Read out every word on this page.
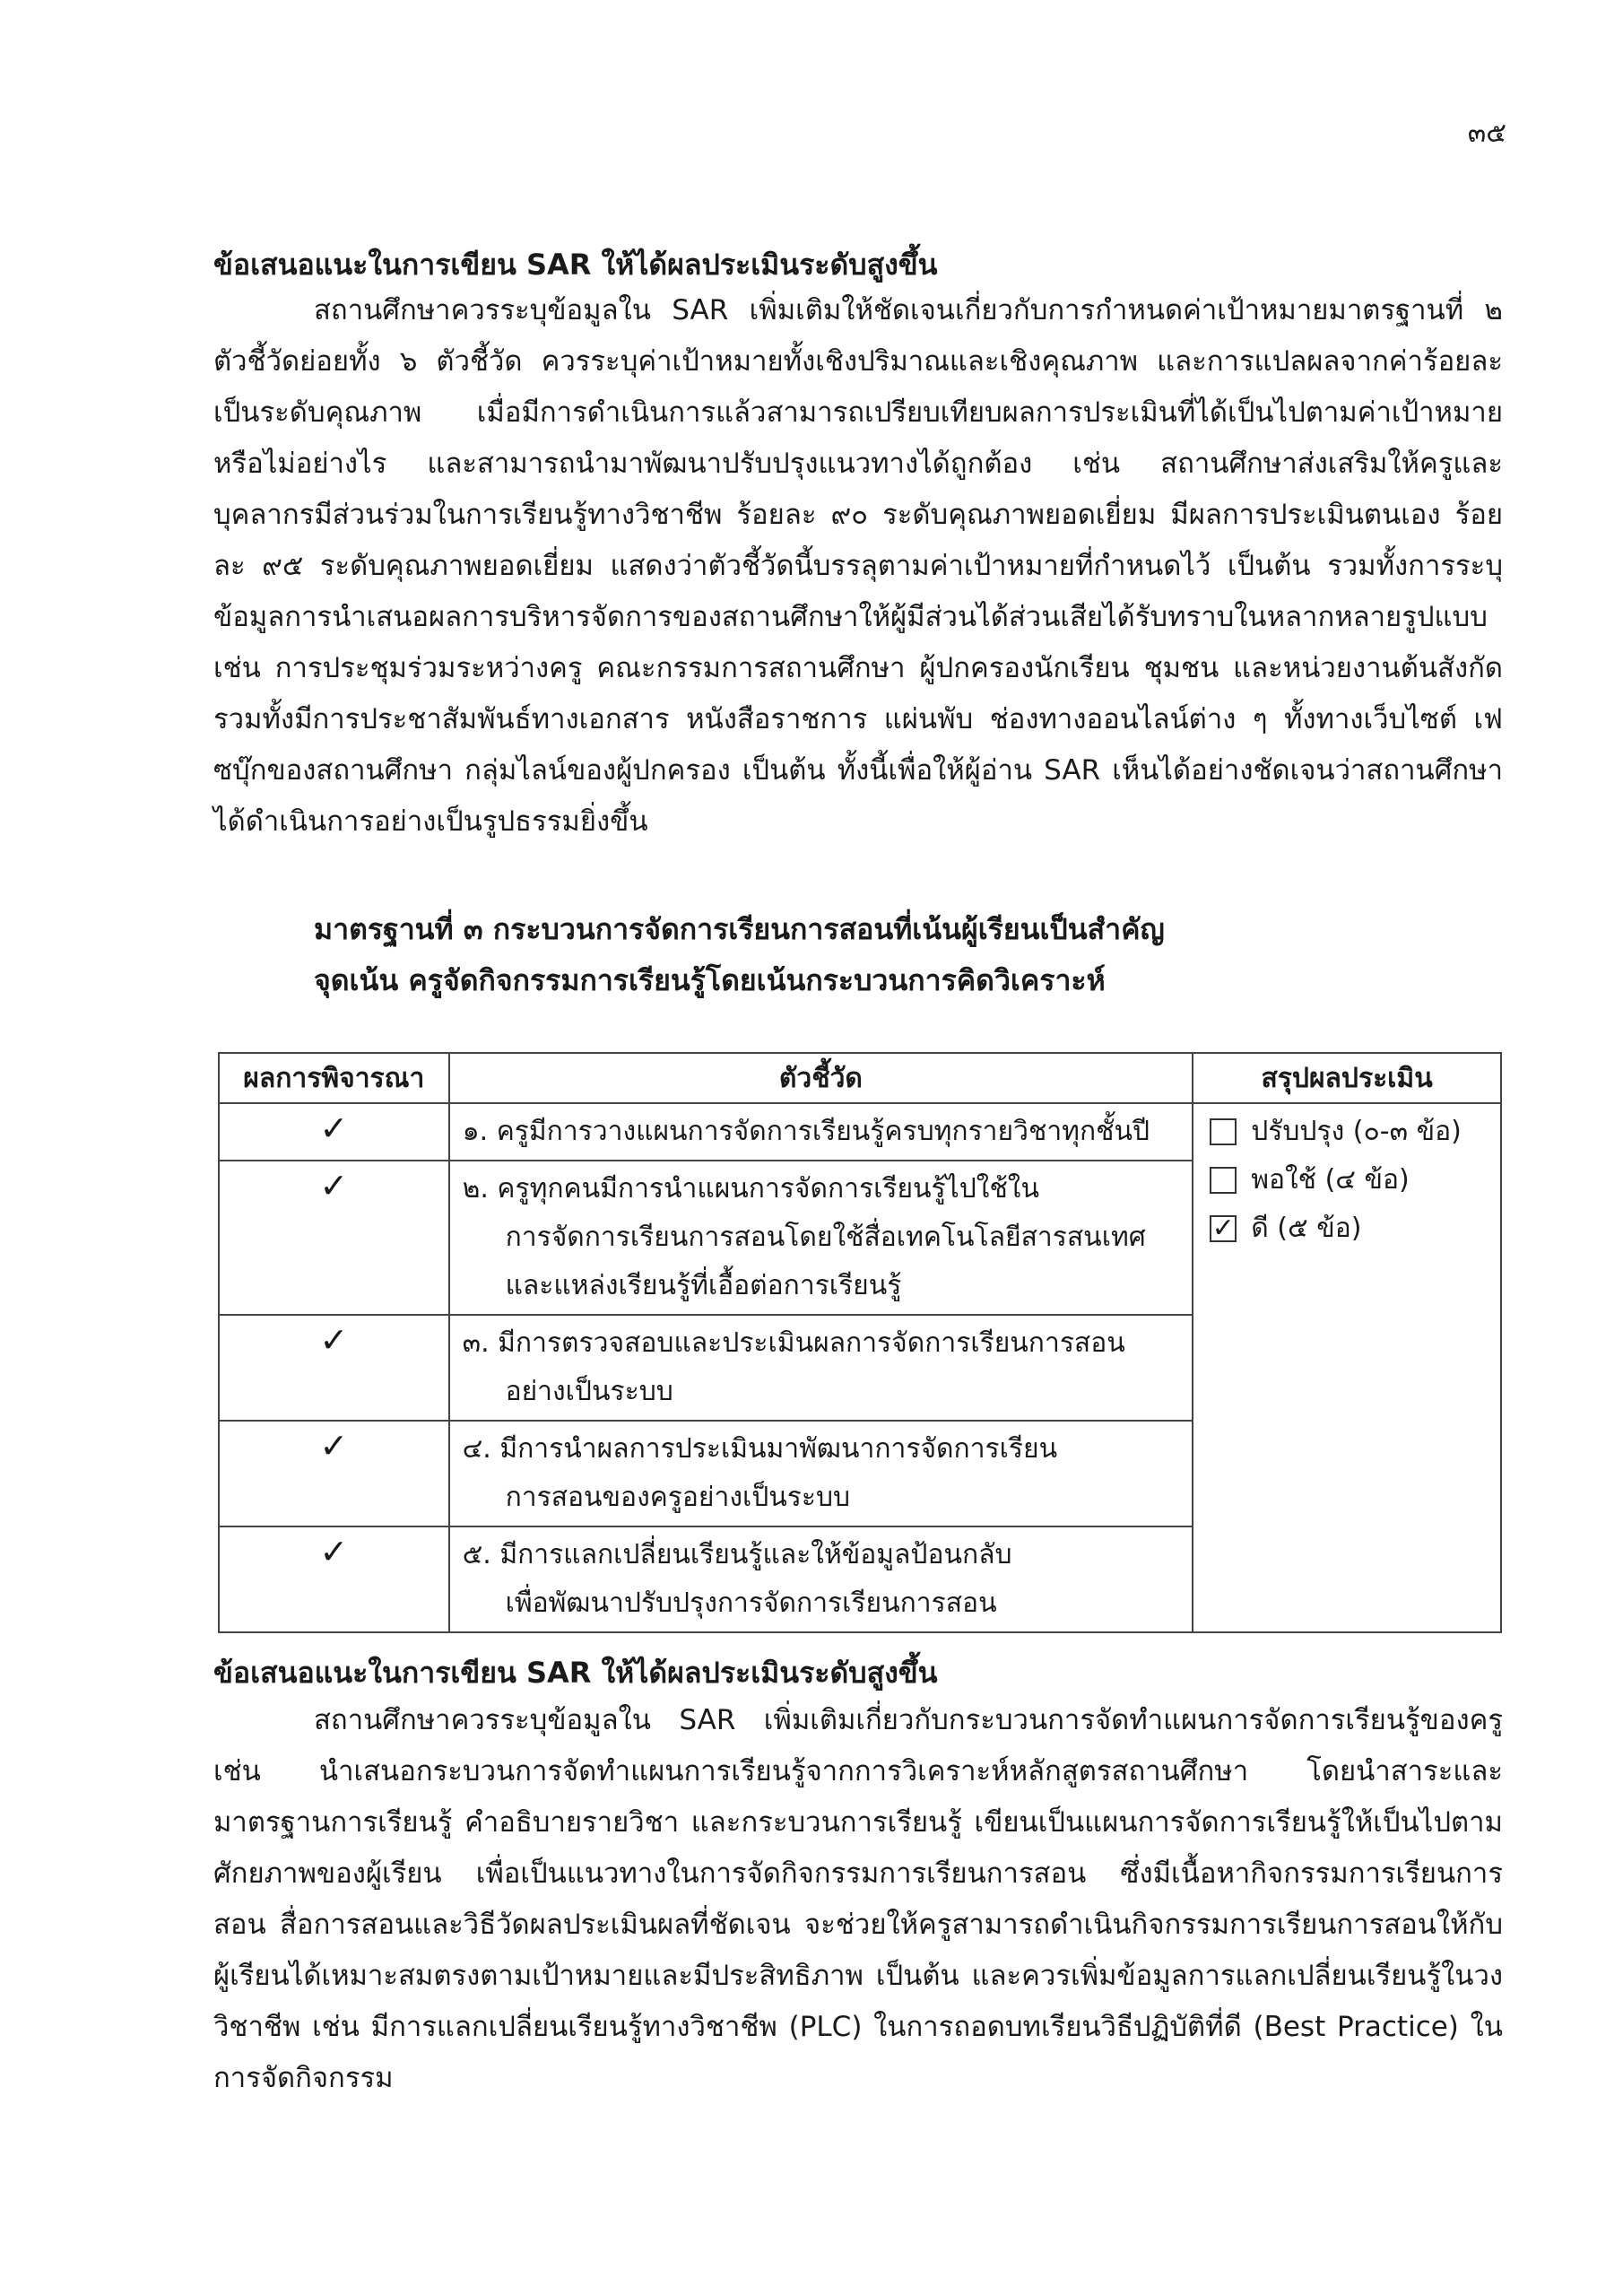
๓๕
ข้อเสนอแนะในการเขียน SAR ให้ได้ผลประเมินระดับสูงขึ้น

สถานศึกษาควรระบุข้อมูลใน SAR เพิ่มเติมให้ชัดเจนเกี่ยวกับการกำหนดค่าเป้าหมายมาตรฐานที่ ๒ ตัวชี้วัดย่อยทั้ง ๖ ตัวชี้วัด ควรระบุค่าเป้าหมายทั้งเชิงปริมาณและเชิงคุณภาพ และการแปลผลจากค่าร้อยละเป็นระดับคุณภาพ เมื่อมีการดำเนินการแล้วสามารถเปรียบเทียบผลการประเมินที่ได้เป็นไปตามค่าเป้าหมายหรือไม่อย่างไร และสามารถนำมาพัฒนาปรับปรุงแนวทางได้ถูกต้อง เช่น สถานศึกษาส่งเสริมให้ครูและบุคลากรมีส่วนร่วมในการเรียนรู้ทางวิชาชีพ ร้อยละ ๙๐ ระดับคุณภาพยอดเยี่ยม มีผลการประเมินตนเอง ร้อยละ ๙๕ ระดับคุณภาพยอดเยี่ยม แสดงว่าตัวชี้วัดนี้บรรลุตามค่าเป้าหมายที่กำหนดไว้ เป็นต้น รวมทั้งการระบุข้อมูลการนำเสนอผลการบริหารจัดการของสถานศึกษาให้ผู้มีส่วนได้ส่วนเสียได้รับทราบในหลากหลายรูปแบบ เช่น การประชุมร่วมระหว่างครู คณะกรรมการสถานศึกษา ผู้ปกครองนักเรียน ชุมชน และหน่วยงานต้นสังกัด รวมทั้งมีการประชาสัมพันธ์ทางเอกสาร หนังสือราชการ แผ่นพับ ช่องทางออนไลน์ต่าง ๆ ทั้งทางเว็บไซต์ เฟซบุ๊กของสถานศึกษา กลุ่มไลน์ของผู้ปกครอง เป็นต้น ทั้งนี้เพื่อให้ผู้อ่าน SAR เห็นได้อย่างชัดเจนว่าสถานศึกษาได้ดำเนินการอย่างเป็นรูปธรรมยิ่งขึ้น

มาตรฐานที่ ๓ กระบวนการจัดการเรียนการสอนที่เน้นผู้เรียนเป็นสำคัญ
จุดเน้น ครูจัดกิจกรรมการเรียนรู้โดยเน้นกระบวนการคิดวิเคราะห์
ผลการพิจารณา	ตัวชี้วัด	สรุปผลประเมิน
✓	๑. ครูมีการวางแผนการจัดการเรียนรู้ครบทุกรายวิชาทุกชั้นปี	ปรับปรุง (๐-๓ ข้อ)
พอใช้ (๔ ข้อ)
✓ ดี (๕ ข้อ)

✓	๒. ครูทุกคนมีการนำแผนการจัดการเรียนรู้ไปใช้ใน
การจัดการเรียนการสอนโดยใช้สื่อเทคโนโลยีสารสนเทศ
และแหล่งเรียนรู้ที่เอื้อต่อการเรียนรู้	

✓	๓. มีการตรวจสอบและประเมินผลการจัดการเรียนการสอน
อย่างเป็นระบบ	

✓	๔. มีการนำผลการประเมินมาพัฒนาการจัดการเรียน
การสอนของครูอย่างเป็นระบบ	

✓	๕. มีการแลกเปลี่ยนเรียนรู้และให้ข้อมูลป้อนกลับ
เพื่อพัฒนาปรับปรุงการจัดการเรียนการสอน	
ข้อเสนอแนะในการเขียน SAR ให้ได้ผลประเมินระดับสูงขึ้น

สถานศึกษาควรระบุข้อมูลใน SAR เพิ่มเติมเกี่ยวกับกระบวนการจัดทำแผนการจัดการเรียนรู้ของครู เช่น นำเสนอกระบวนการจัดทำแผนการเรียนรู้จากการวิเคราะห์หลักสูตรสถานศึกษา โดยนำสาระและมาตรฐานการเรียนรู้ คำอธิบายรายวิชา และกระบวนการเรียนรู้ เขียนเป็นแผนการจัดการเรียนรู้ให้เป็นไปตามศักยภาพของผู้เรียน เพื่อเป็นแนวทางในการจัดกิจกรรมการเรียนการสอน ซึ่งมีเนื้อหากิจกรรมการเรียนการสอน สื่อการสอนและวิธีวัดผลประเมินผลที่ชัดเจน จะช่วยให้ครูสามารถดำเนินกิจกรรมการเรียนการสอนให้กับผู้เรียนได้เหมาะสมตรงตามเป้าหมายและมีประสิทธิภาพ เป็นต้น และควรเพิ่มข้อมูลการแลกเปลี่ยนเรียนรู้ในวงวิชาชีพ เช่น มีการแลกเปลี่ยนเรียนรู้ทางวิชาชีพ (PLC) ในการถอดบทเรียนวิธีปฏิบัติที่ดี (Best Practice) ในการจัดกิจกรรม
